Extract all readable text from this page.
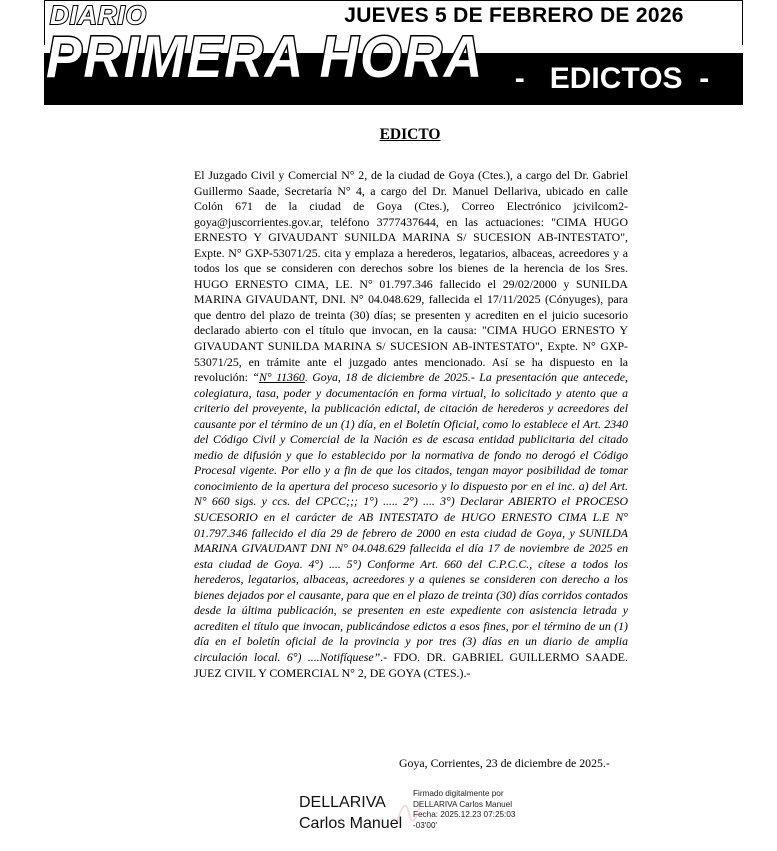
DIARIO
PRIMERA HORA
JUEVES 5 DE FEBRERO DE 2026
-   EDICTOS  -
EDICTO
El Juzgado Civil y Comercial N° 2, de la ciudad de Goya (Ctes.), a cargo del Dr. Gabriel Guillermo Saade, Secretaría N° 4, a cargo del Dr. Manuel Dellariva, ubicado en calle Colón 671 de la ciudad de Goya (Ctes.), Correo Electrónico jcivilcom2-goya@juscorrientes.gov.ar, teléfono 3777437644, en las actuaciones: "CIMA HUGO ERNESTO Y GIVAUDANT SUNILDA MARINA S/ SUCESION AB-INTESTATO", Expte. N° GXP-53071/25. cita y emplaza a herederos, legatarios, albaceas, acreedores y a todos los que se consideren con derechos sobre los bienes de la herencia de los Sres. HUGO ERNESTO CIMA, LE. N° 01.797.346 fallecido el 29/02/2000 y SUNILDA MARINA GIVAUDANT, DNI. N° 04.048.629, fallecida el 17/11/2025 (Cónyuges), para que dentro del plazo de treinta (30) días; se presenten y acrediten en el juicio sucesorio declarado abierto con el título que invocan, en la causa: "CIMA HUGO ERNESTO Y GIVAUDANT SUNILDA MARINA S/ SUCESION AB-INTESTATO", Expte. N° GXP-53071/25, en trámite ante el juzgado antes mencionado. Así se ha dispuesto en la revolución: “N° 11360. Goya, 18 de diciembre de 2025.- La presentación que antecede, colegiatura, tasa, poder y documentación en forma virtual, lo solicitado y atento que a criterio del proveyente, la publicación edictal, de citación de herederos y acreedores del causante por el término de un (1) día, en el Boletín Oficial, como lo establece el Art. 2340 del Código Civil y Comercial de la Nación es de escasa entidad publicitaria del citado medio de difusión y que lo establecido por la normativa de fondo no derogó el Código Procesal vigente. Por ello y a fin de que los citados, tengan mayor posibilidad de tomar conocimiento de la apertura del proceso sucesorio y lo dispuesto por en el inc. a) del Art. N° 660 sigs. y ccs. del CPCC;;; 1°) ..... 2°) .... 3°) Declarar ABIERTO el PROCESO SUCESORIO en el carácter de AB INTESTATO de HUGO ERNESTO CIMA L.E N° 01.797.346 fallecido el día 29 de febrero de 2000 en esta ciudad de Goya, y SUNILDA MARINA GIVAUDANT DNI N° 04.048.629 fallecida el día 17 de noviembre de 2025 en esta ciudad de Goya. 4°) .... 5°) Conforme Art. 660 del C.P.C.C., cítese a todos los herederos, legatarios, albaceas, acreedores y a quienes se consideren con derecho a los bienes dejados por el causante, para que en el plazo de treinta (30) días corridos contados desde la última publicación, se presenten en este expediente con asistencia letrada y acrediten el título que invocan, publicándose edictos a esos fines, por el término de un (1) día en el boletín oficial de la provincia y por tres (3) días en un diario de amplia circulación local. 6°) ....Notifíquese”.- FDO. DR. GABRIEL GUILLERMO SAADE. JUEZ CIVIL Y COMERCIAL N° 2, DE GOYA (CTES.).-
Goya, Corrientes, 23 de diciembre de 2025.-
DELLARIVA
Carlos Manuel
Firmado digitalmente por
DELLARIVA Carlos Manuel
Fecha: 2025.12.23 07:25:03
-03'00'
